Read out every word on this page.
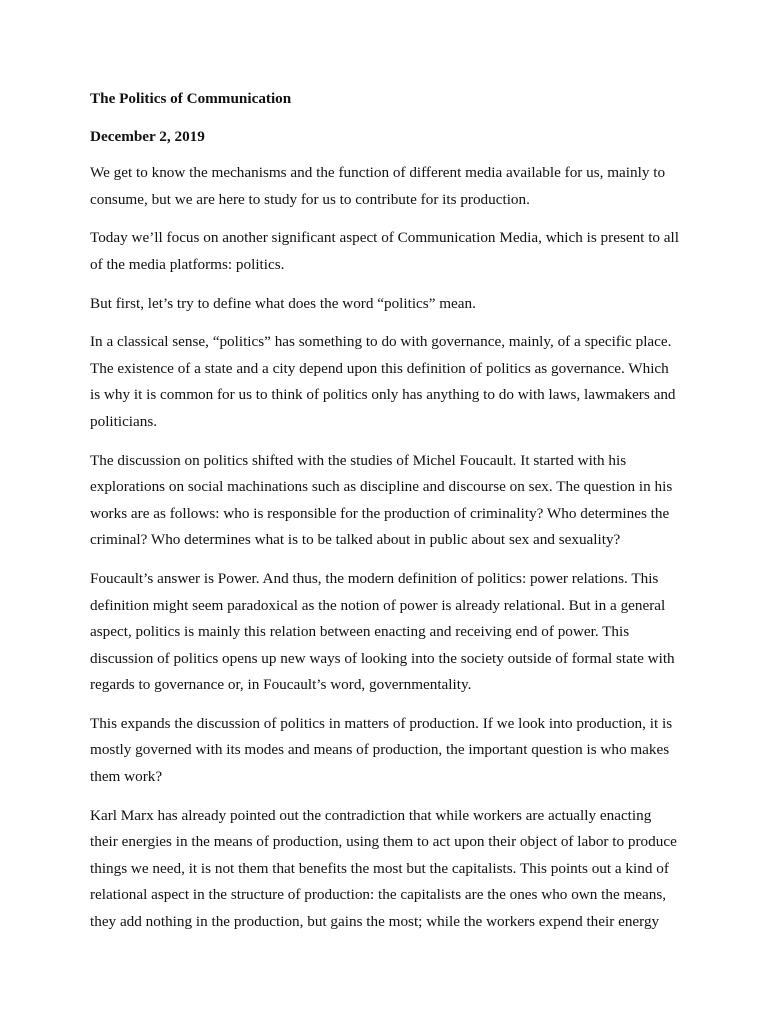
The Politics of Communication

December 2, 2019

We get to know the mechanisms and the function of different media available for us, mainly to
consume, but we are here to study for us to contribute for its production.

Today we’ll focus on another significant aspect of Communication Media, which is present to all
of the media platforms: politics.

But first, let’s try to define what does the word “politics” mean.

In a classical sense, “politics” has something to do with governance, mainly, of a specific place.
The existence of a state and a city depend upon this definition of politics as governance. Which
is why it is common for us to think of politics only has anything to do with laws, lawmakers and
politicians.

The discussion on politics shifted with the studies of Michel Foucault. It started with his
explorations on social machinations such as discipline and discourse on sex. The question in his
works are as follows: who is responsible for the production of criminality? Who determines the
criminal? Who determines what is to be talked about in public about sex and sexuality?

Foucault’s answer is Power. And thus, the modern definition of politics: power relations. This
definition might seem paradoxical as the notion of power is already relational. But in a general
aspect, politics is mainly this relation between enacting and receiving end of power. This
discussion of politics opens up new ways of looking into the society outside of formal state with
regards to governance or, in Foucault’s word, governmentality.

This expands the discussion of politics in matters of production. If we look into production, it is
mostly governed with its modes and means of production, the important question is who makes
them work?

Karl Marx has already pointed out the contradiction that while workers are actually enacting
their energies in the means of production, using them to act upon their object of labor to produce
things we need, it is not them that benefits the most but the capitalists. This points out a kind of
relational aspect in the structure of production: the capitalists are the ones who own the means,
they add nothing in the production, but gains the most; while the workers expend their energy
